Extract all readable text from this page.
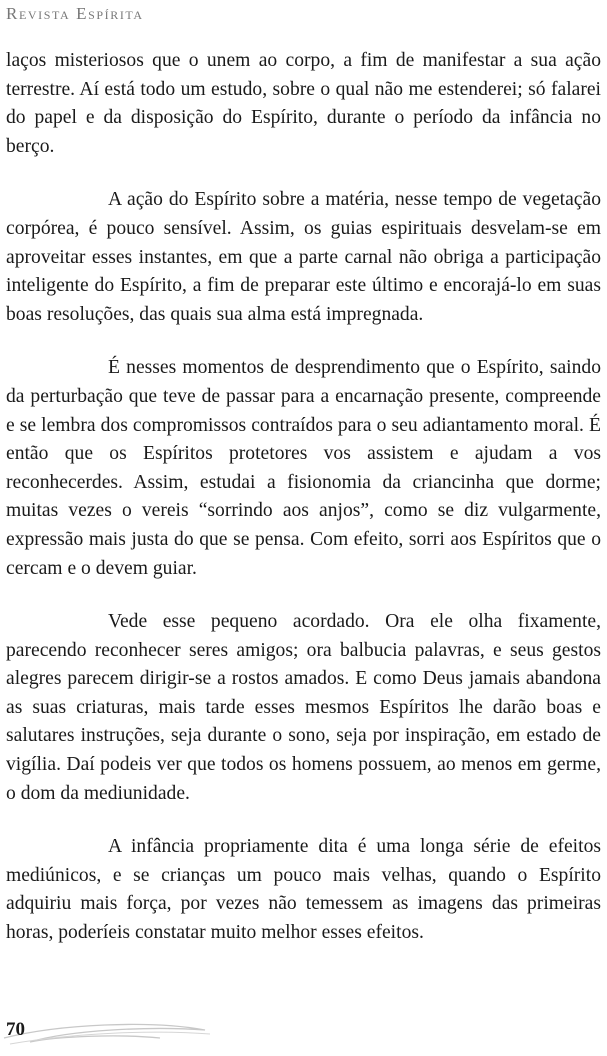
Revista Espírita

laços misteriosos que o unem ao corpo, a fim de manifestar a sua ação terrestre. Aí está todo um estudo, sobre o qual não me estenderei; só falarei do papel e da disposição do Espírito, durante o período da infância no berço.

A ação do Espírito sobre a matéria, nesse tempo de vegetação corpórea, é pouco sensível. Assim, os guias espirituais desvelam-se em aproveitar esses instantes, em que a parte carnal não obriga a participação inteligente do Espírito, a fim de preparar este último e encorajá-lo em suas boas resoluções, das quais sua alma está impregnada.

É nesses momentos de desprendimento que o Espírito, saindo da perturbação que teve de passar para a encarnação presente, compreende e se lembra dos compromissos contraídos para o seu adiantamento moral. É então que os Espíritos protetores vos assistem e ajudam a vos reconhecerdes. Assim, estudai a fisionomia da criancinha que dorme; muitas vezes o vereis “sorrindo aos anjos”, como se diz vulgarmente, expressão mais justa do que se pensa. Com efeito, sorri aos Espíritos que o cercam e o devem guiar.

Vede esse pequeno acordado. Ora ele olha fixamente, parecendo reconhecer seres amigos; ora balbucia palavras, e seus gestos alegres parecem dirigir-se a rostos amados. E como Deus jamais abandona as suas criaturas, mais tarde esses mesmos Espíritos lhe darão boas e salutares instruções, seja durante o sono, seja por inspiração, em estado de vigília. Daí podeis ver que todos os homens possuem, ao menos em germe, o dom da mediunidade.

A infância propriamente dita é uma longa série de efeitos mediúnicos, e se crianças um pouco mais velhas, quando o Espírito adquiriu mais força, por vezes não temessem as imagens das primeiras horas, poderíeis constatar muito melhor esses efeitos.

70
